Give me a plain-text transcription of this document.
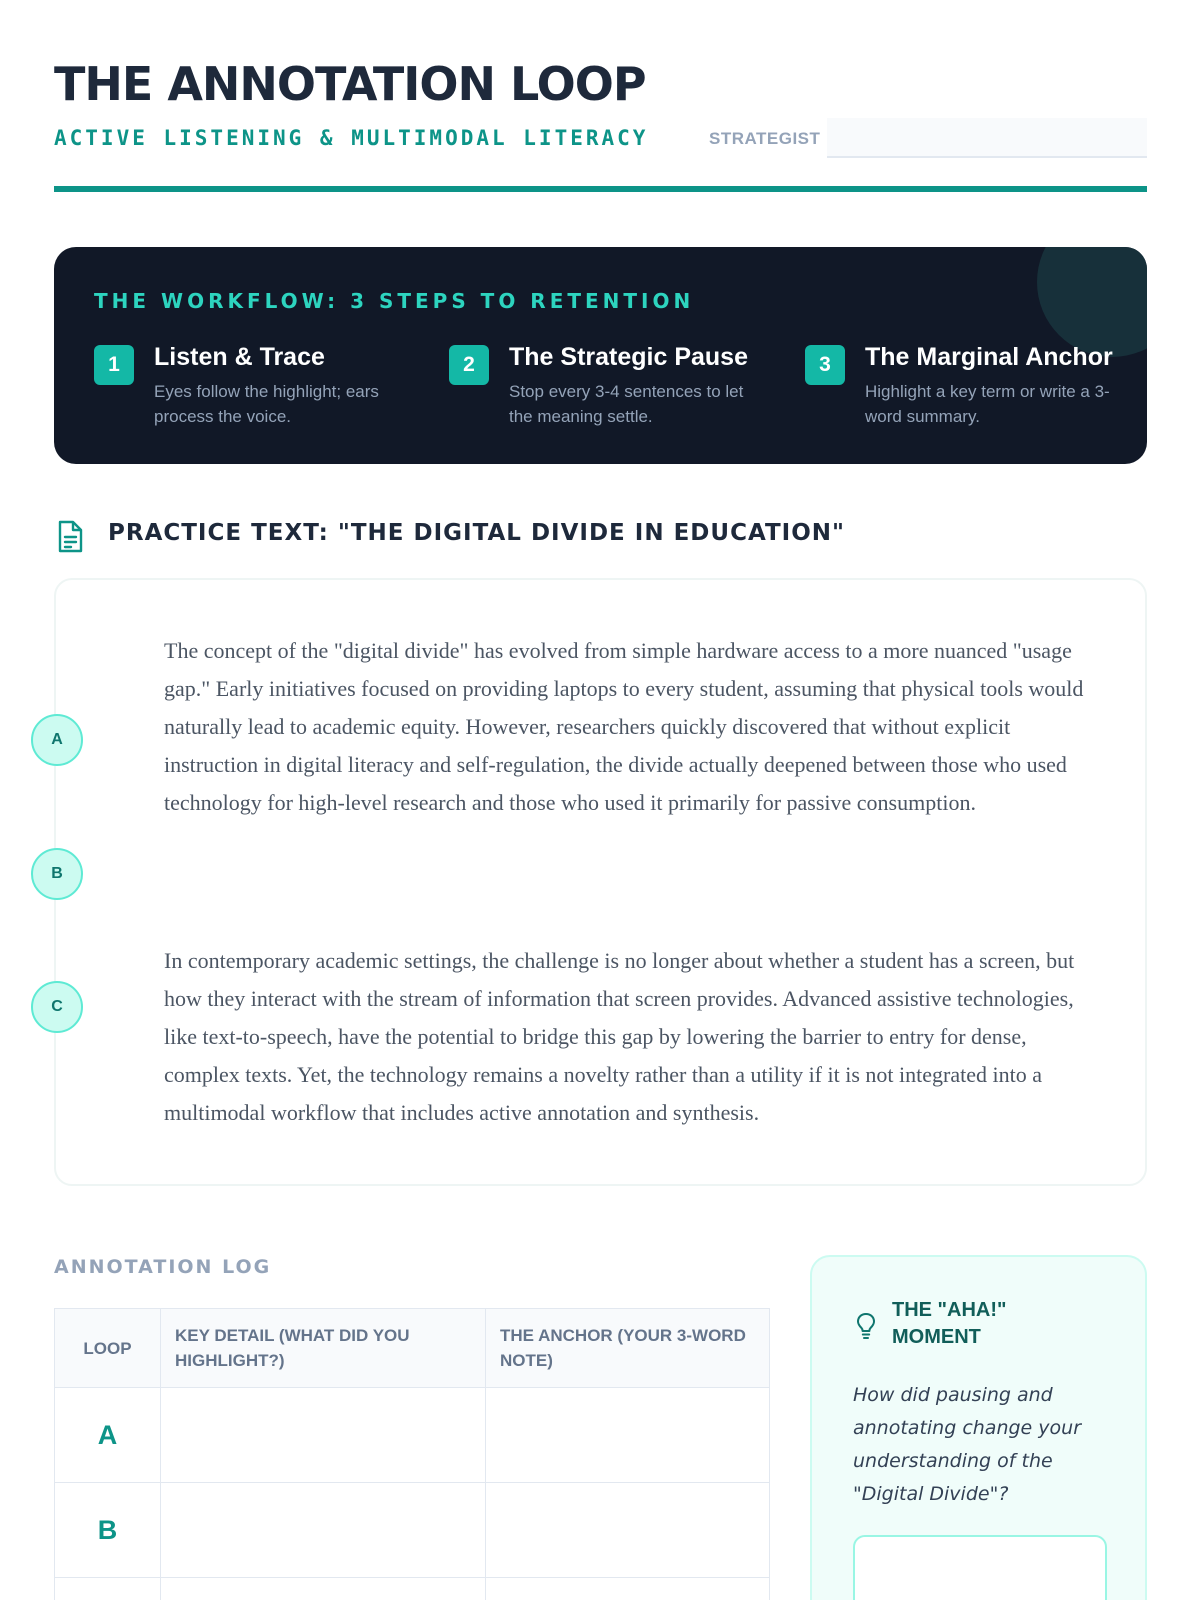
THE ANNOTATION LOOP
ACTIVE LISTENING & MULTIMODAL LITERACY	STRATEGIST
THE WORKFLOW: 3 STEPS TO RETENTION
1	Listen & Trace
Eyes follow the highlight; ears process the voice.
2	The Strategic Pause
Stop every 3-4 sentences to let the meaning settle.
3	The Marginal Anchor
Highlight a key term or write a 3-word summary.
PRACTICE TEXT: "THE DIGITAL DIVIDE IN EDUCATION"
The concept of the "digital divide" has evolved from simple hardware access to a more nuanced "usage gap." Early initiatives focused on providing laptops to every student, assuming that physical tools would naturally lead to academic equity. However, researchers quickly discovered that without explicit instruction in digital literacy and self-regulation, the divide actually deepened between those who used technology for high-level research and those who used it primarily for passive consumption.
In contemporary academic settings, the challenge is no longer about whether a student has a screen, but how they interact with the stream of information that screen provides. Advanced assistive technologies, like text-to-speech, have the potential to bridge this gap by lowering the barrier to entry for dense, complex texts. Yet, the technology remains a novelty rather than a utility if it is not integrated into a multimodal workflow that includes active annotation and synthesis.
A
B
C
ANNOTATION LOG
LOOP	KEY DETAIL (WHAT DID YOU HIGHLIGHT?)	THE ANCHOR (YOUR 3-WORD NOTE)
A		
B		

THE "AHA!" MOMENT
How did pausing and annotating change your understanding of the "Digital Divide"?
